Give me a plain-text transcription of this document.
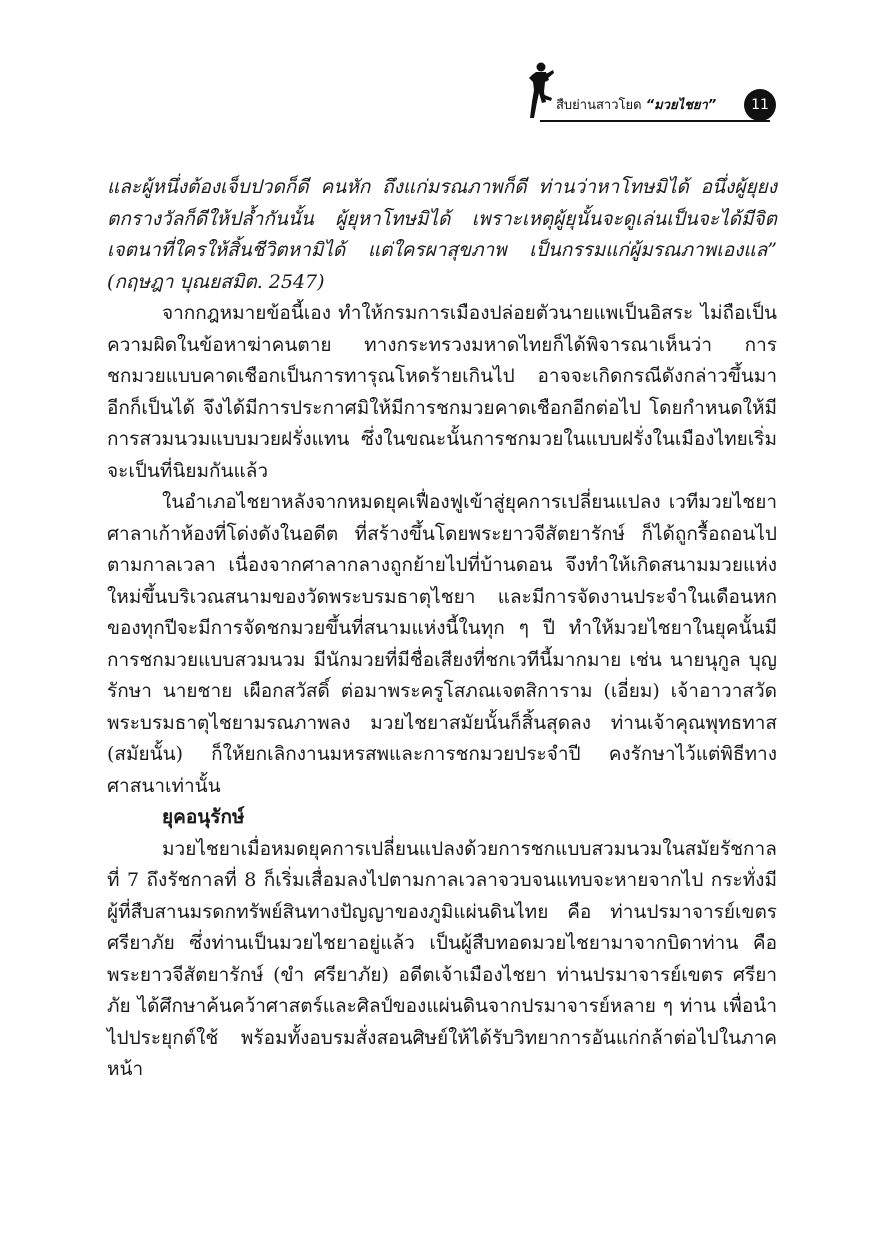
สืบย่านสาวโยด “มวยไชยา”	11

และผู้หนึ่งต้องเจ็บปวดก็ดี คนหัก ถึงแก่มรณภาพก็ดี ท่านว่าหาโทษมิได้ อนึ่งผู้ยุยงตกรางวัลก็ดีให้ปล้ำกันนั้น ผู้ยุหาโทษมิได้ เพราะเหตุผู้ยุนั้นจะดูเล่นเป็นจะได้มีจิตเจตนาที่ใครให้สิ้นชีวิตหามิได้ แต่ใครผาสุขภาพ เป็นกรรมแก่ผู้มรณภาพเองแล” (กฤษฎา บุณยสมิต. 2547)

จากกฎหมายข้อนี้เอง ทำให้กรมการเมืองปล่อยตัวนายแพเป็นอิสระ ไม่ถือเป็นความผิดในข้อหาฆ่าคนตาย ทางกระทรวงมหาดไทยก็ได้พิจารณาเห็นว่า การชกมวยแบบคาดเชือกเป็นการทารุณโหดร้ายเกินไป อาจจะเกิดกรณีดังกล่าวขึ้นมาอีกก็เป็นได้ จึงได้มีการประกาศมิให้มีการชกมวยคาดเชือกอีกต่อไป โดยกำหนดให้มีการสวมนวมแบบมวยฝรั่งแทน ซึ่งในขณะนั้นการชกมวยในแบบฝรั่งในเมืองไทยเริ่มจะเป็นที่นิยมกันแล้ว

ในอำเภอไชยาหลังจากหมดยุคเฟื่องฟูเข้าสู่ยุคการเปลี่ยนแปลง เวทีมวยไชยาศาลาเก้าห้องที่โด่งดังในอดีต ที่สร้างขึ้นโดยพระยาวจีสัตยารักษ์ ก็ได้ถูกรื้อถอนไปตามกาลเวลา เนื่องจากศาลากลางถูกย้ายไปที่บ้านดอน จึงทำให้เกิดสนามมวยแห่งใหม่ขึ้นบริเวณสนามของวัดพระบรมธาตุไชยา และมีการจัดงานประจำในเดือนหกของทุกปีจะมีการจัดชกมวยขึ้นที่สนามแห่งนี้ในทุก ๆ ปี ทำให้มวยไชยาในยุคนั้นมีการชกมวยแบบสวมนวม มีนักมวยที่มีชื่อเสียงที่ชกเวทีนี้มากมาย เช่น นายนุกูล บุญรักษา นายชาย เผือกสวัสดิ์ ต่อมาพระครูโสภณเจตสิการาม (เอี่ยม) เจ้าอาวาสวัดพระบรมธาตุไชยามรณภาพลง มวยไชยาสมัยนั้นก็สิ้นสุดลง ท่านเจ้าคุณพุทธทาส (สมัยนั้น) ก็ให้ยกเลิกงานมหรสพและการชกมวยประจำปี คงรักษาไว้แต่พิธีทางศาสนาเท่านั้น

ยุคอนุรักษ์

มวยไชยาเมื่อหมดยุคการเปลี่ยนแปลงด้วยการชกแบบสวมนวมในสมัยรัชกาลที่ 7 ถึงรัชกาลที่ 8 ก็เริ่มเสื่อมลงไปตามกาลเวลาจวบจนแทบจะหายจากไป กระทั่งมีผู้ที่สืบสานมรดกทรัพย์สินทางปัญญาของภูมิแผ่นดินไทย คือ ท่านปรมาจารย์เขตร ศรียาภัย ซึ่งท่านเป็นมวยไชยาอยู่แล้ว เป็นผู้สืบทอดมวยไชยามาจากบิดาท่าน คือ พระยาวจีสัตยารักษ์ (ขำ ศรียาภัย) อดีตเจ้าเมืองไชยา ท่านปรมาจารย์เขตร ศรียาภัย ได้ศึกษาค้นคว้าศาสตร์และศิลป์ของแผ่นดินจากปรมาจารย์หลาย ๆ ท่าน เพื่อนำไปประยุกต์ใช้ พร้อมทั้งอบรมสั่งสอนศิษย์ให้ได้รับวิทยาการอันแก่กล้าต่อไปในภาคหน้า
